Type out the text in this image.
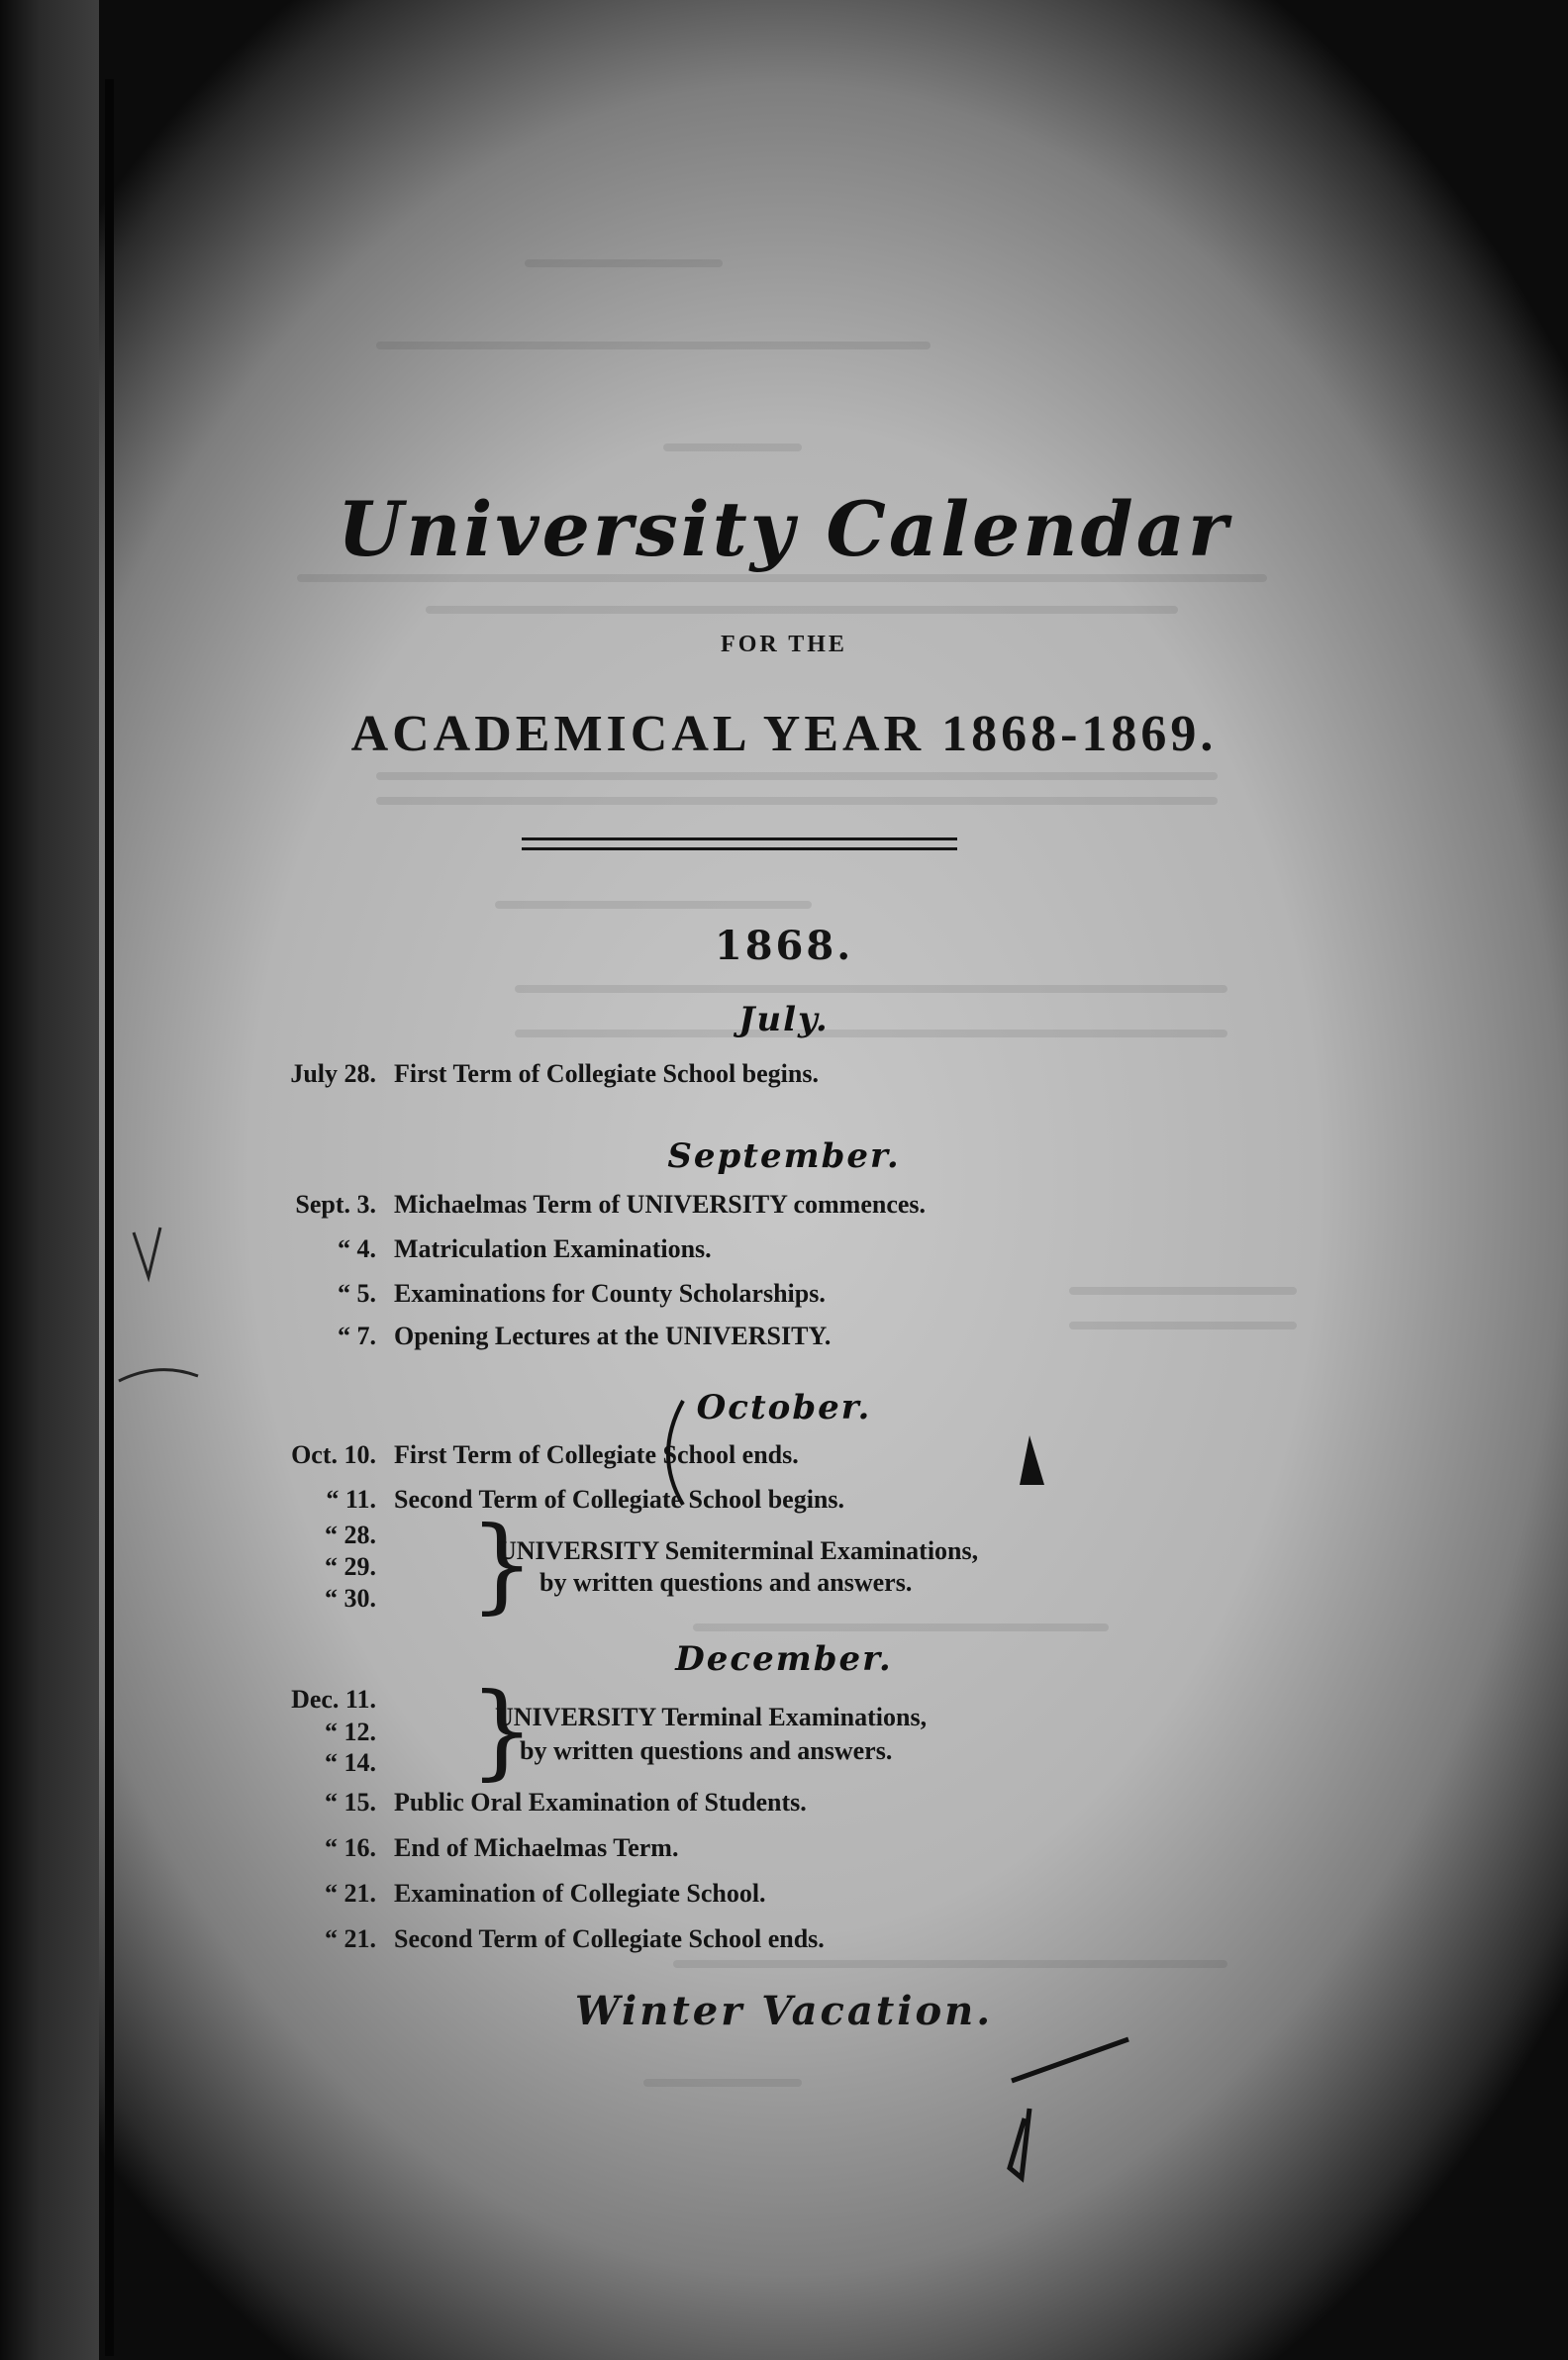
University Calendar
FOR THE
ACADEMICAL YEAR 1868-1869.
1868.
July.
July 28. First Term of Collegiate School begins.
September.
Sept. 3. Michaelmas Term of UNIVERSITY commences.
“ 4. Matriculation Examinations.
“ 5. Examinations for County Scholarships.
“ 7. Opening Lectures at the UNIVERSITY.
October.
Oct. 10. First Term of Collegiate School ends.
“ 11. Second Term of Collegiate School begins.
“ 28.
“ 29.
“ 30. }
UNIVERSITY Semiterminal Examinations,
by written questions and answers.
December.
Dec. 11.
“ 12.
“ 14. }
UNIVERSITY Terminal Examinations,
by written questions and answers.
“ 15. Public Oral Examination of Students.
“ 16. End of Michaelmas Term.
“ 21. Examination of Collegiate School.
“ 21. Second Term of Collegiate School ends.
Winter Vacation.
